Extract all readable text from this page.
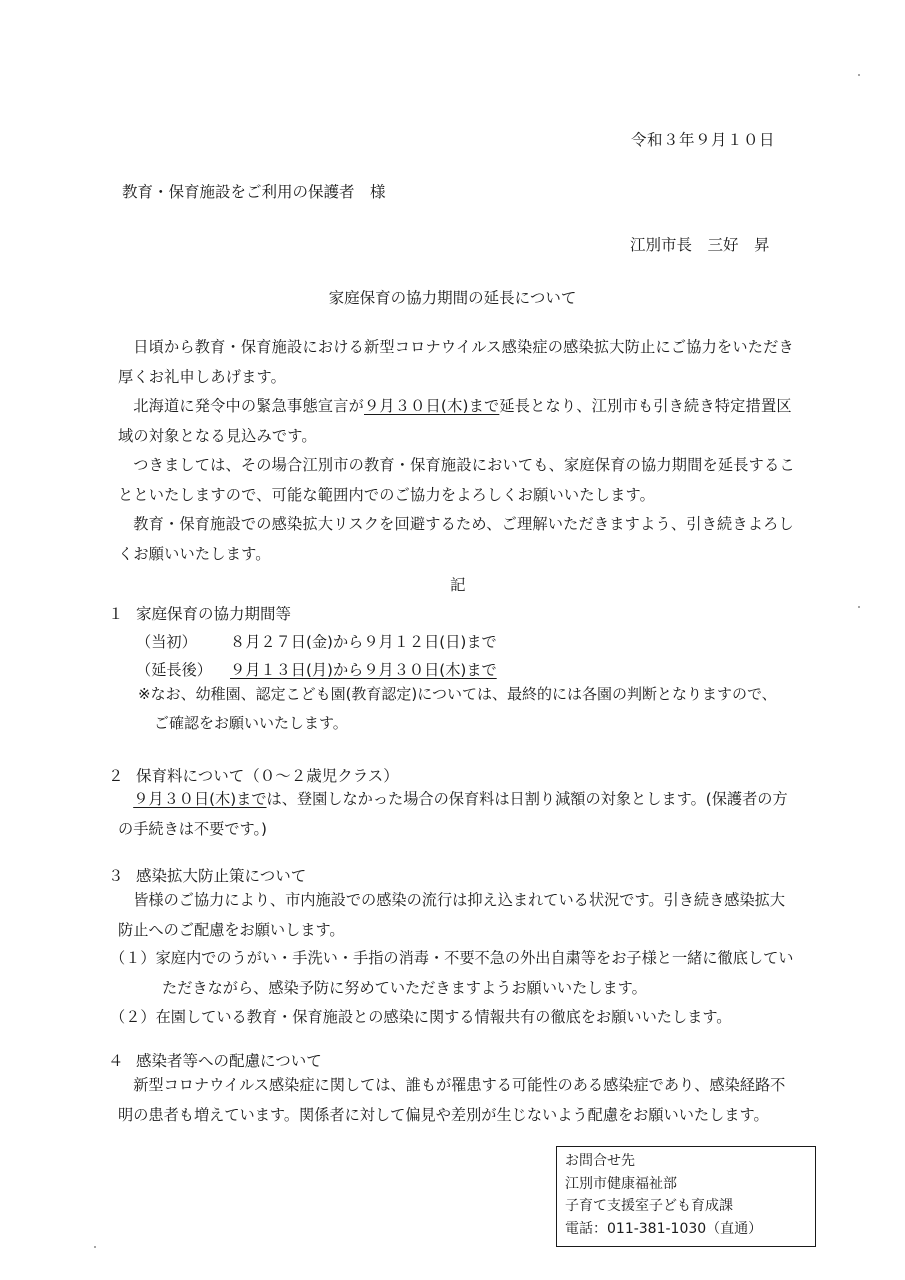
令和３年９月１０日
教育・保育施設をご利用の保護者　様
江別市長　三好　昇
家庭保育の協力期間の延長について

日頃から教育・保育施設における新型コロナウイルス感染症の感染拡大防止にご協力をいただき厚くお礼申しあげます。

北海道に発令中の緊急事態宣言が９月３０日(木)まで延長となり、江別市も引き続き特定措置区域の対象となる見込みです。

つきましては、その場合江別市の教育・保育施設においても、家庭保育の協力期間を延長することといたしますので、可能な範囲内でのご協力をよろしくお願いいたします。

教育・保育施設での感染拡大リスクを回避するため、ご理解いただきますよう、引き続きよろしくお願いいたします。

記
１ 家庭保育の協力期間等
（当初） ８月２７日(金)から９月１２日(日)まで
（延長後） ９月１３日(月)から９月３０日(木)まで

※なお、幼稚園、認定こども園(教育認定)については、最終的には各園の判断となりますので、

ご確認をお願いいたします。

２ 保育料について（０～２歳児クラス）

９月３０日(木)までは、登園しなかった場合の保育料は日割り減額の対象とします。(保護者の方の手続きは不要です。)

３ 感染拡大防止策について

皆様のご協力により、市内施設での感染の流行は抑え込まれている状況です。引き続き感染拡大防止へのご配慮をお願いします。

（１）家庭内でのうがい・手洗い・手指の消毒・不要不急の外出自粛等をお子様と一緒に徹底していただきながら、感染予防に努めていただきますようお願いいたします。

（２）在園している教育・保育施設との感染に関する情報共有の徹底をお願いいたします。

４ 感染者等への配慮について

新型コロナウイルス感染症に関しては、誰もが罹患する可能性のある感染症であり、感染経路不明の患者も増えています。関係者に対して偏見や差別が生じないよう配慮をお願いいたします。

お問合せ先
江別市健康福祉部
子育て支援室子ども育成課
電話：011-381-1030（直通）
